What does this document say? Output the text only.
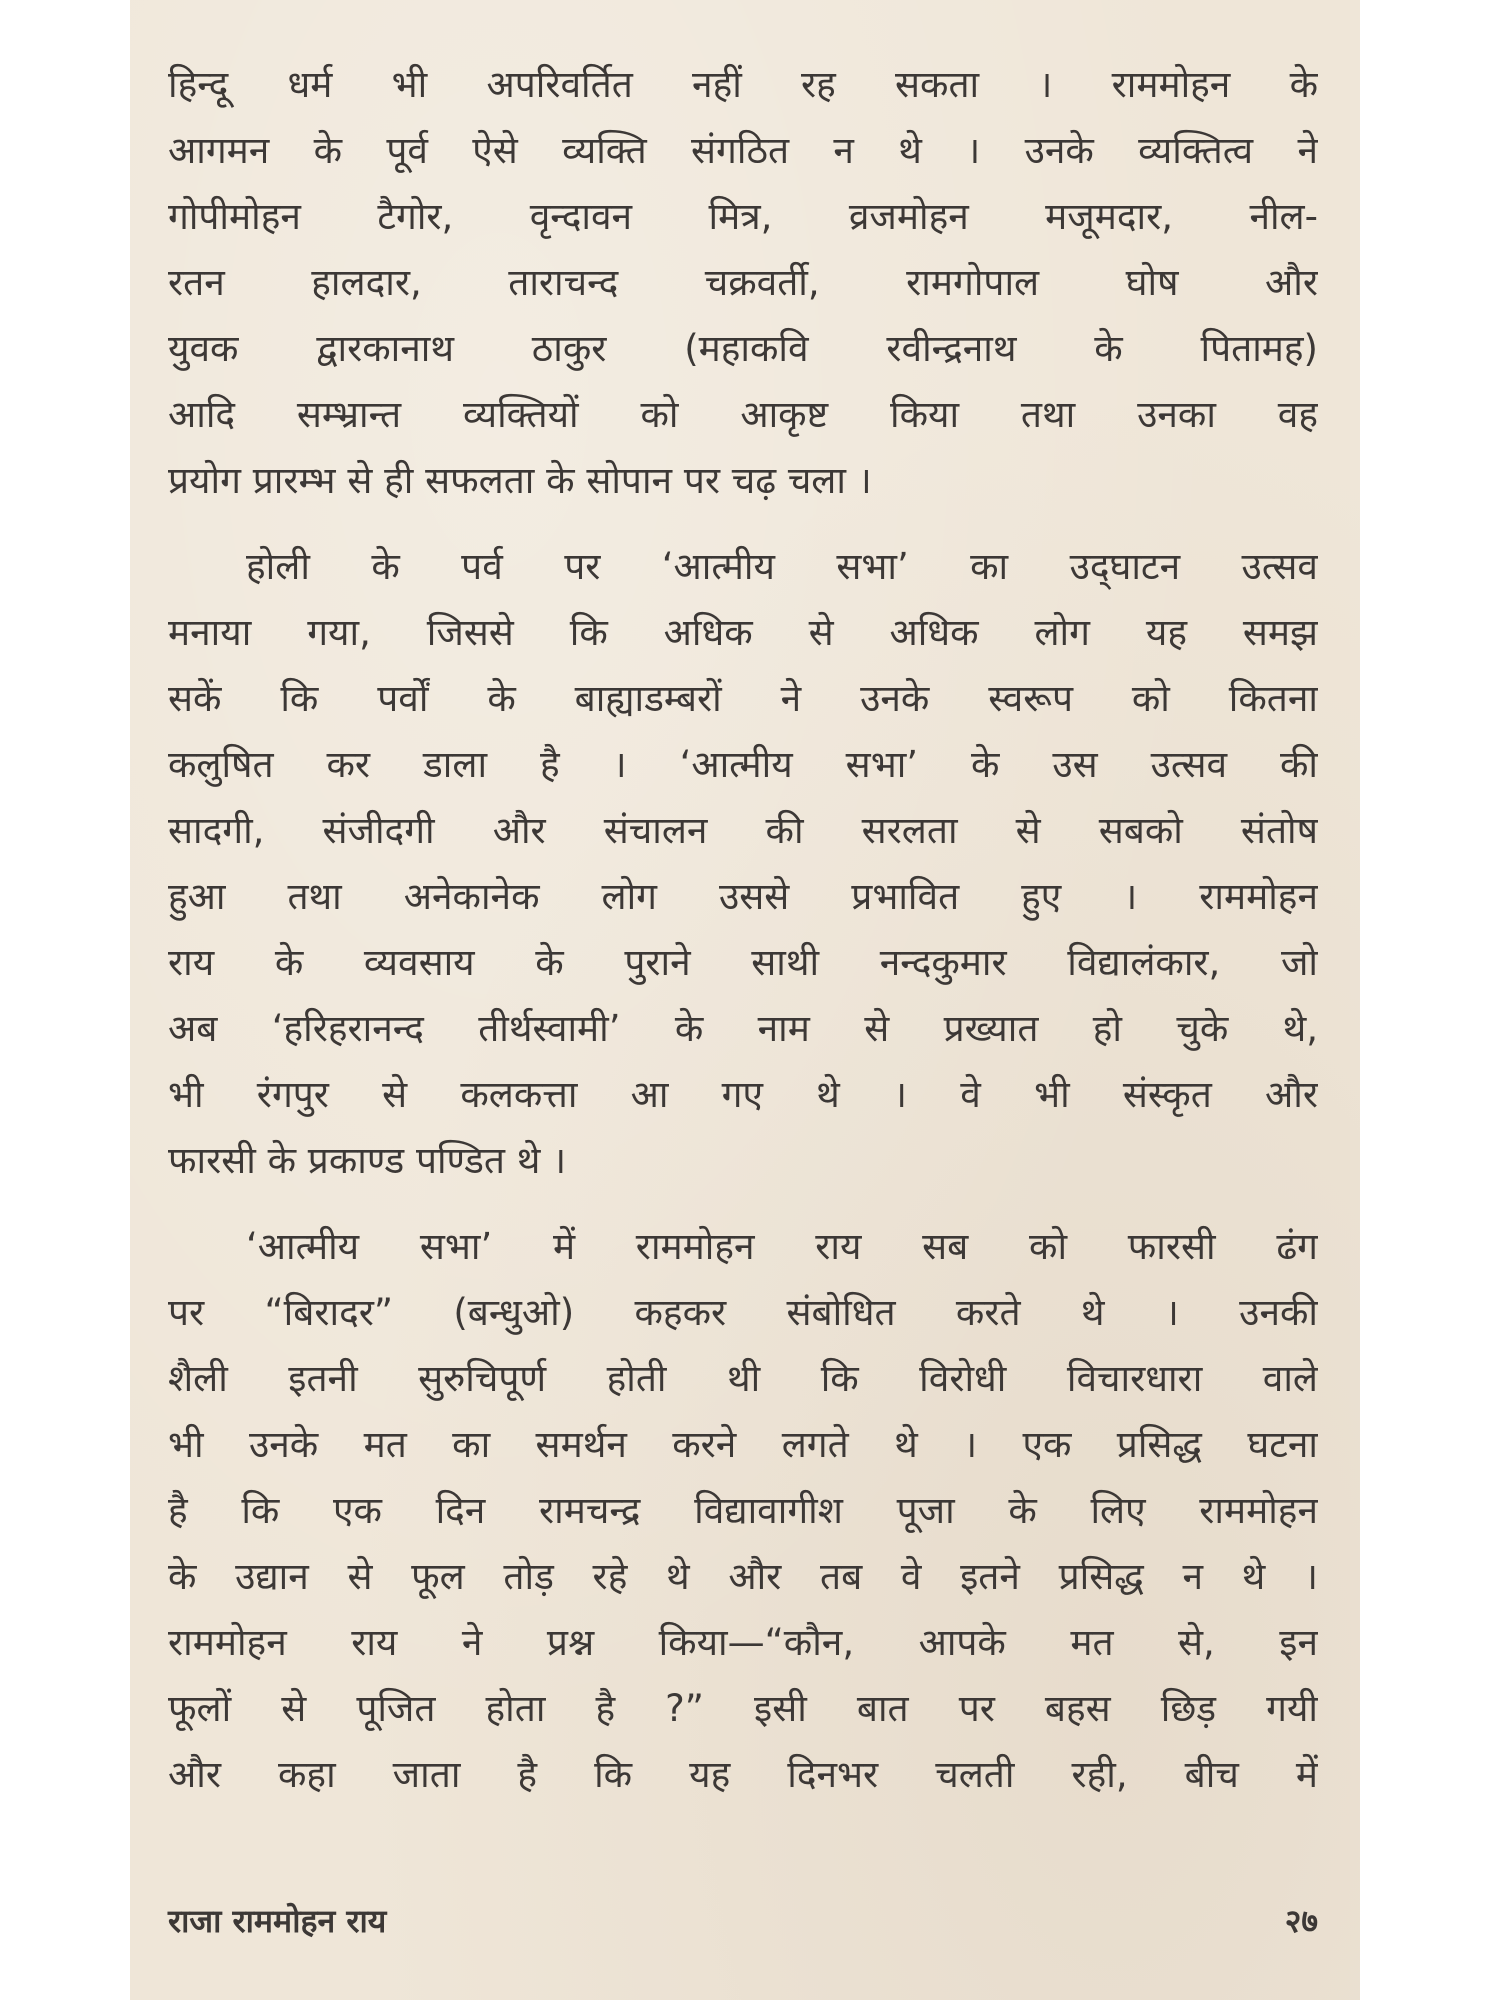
हिन्दू धर्म भी अपरिवर्तित नहीं रह सकता । राममोहन के
आगमन के पूर्व ऐसे व्यक्ति संगठित न थे । उनके व्यक्तित्व ने
गोपीमोहन टैगोर, वृन्दावन मित्र, व्रजमोहन मजूमदार, नील-
रतन हालदार, ताराचन्द चक्रवर्ती, रामगोपाल घोष और
युवक द्वारकानाथ ठाकुर (महाकवि रवीन्द्रनाथ के पितामह)
आदि सम्भ्रान्त व्यक्तियों को आकृष्ट किया तथा उनका वह
प्रयोग प्रारम्भ से ही सफलता के सोपान पर चढ़ चला ।
होली के पर्व पर ‘आत्मीय सभा’ का उद्‌घाटन उत्सव
मनाया गया, जिससे कि अधिक से अधिक लोग यह समझ
सकें कि पर्वों के बाह्याडम्बरों ने उनके स्वरूप को कितना
कलुषित कर डाला है । ‘आत्मीय सभा’ के उस उत्सव की
सादगी, संजीदगी और संचालन की सरलता से सबको संतोष
हुआ तथा अनेकानेक लोग उससे प्रभावित हुए । राममोहन
राय के व्यवसाय के पुराने साथी नन्दकुमार विद्यालंकार, जो
अब ‘हरिहरानन्द तीर्थस्वामी’ के नाम से प्रख्यात हो चुके थे,
भी रंगपुर से कलकत्ता आ गए थे । वे भी संस्कृत और
फारसी के प्रकाण्ड पण्डित थे ।
‘आत्मीय सभा’ में राममोहन राय सब को फारसी ढंग
पर “बिरादर” (बन्धुओ) कहकर संबोधित करते थे । उनकी
शैली इतनी सुरुचिपूर्ण होती थी कि विरोधी विचारधारा वाले
भी उनके मत का समर्थन करने लगते थे । एक प्रसिद्ध घटना
है कि एक दिन रामचन्द्र विद्यावागीश पूजा के लिए राममोहन
के उद्यान से फूल तोड़ रहे थे और तब वे इतने प्रसिद्ध न थे ।
राममोहन राय ने प्रश्न किया—“कौन, आपके मत से, इन
फूलों से पूजित होता है ?” इसी बात पर बहस छिड़ गयी
और कहा जाता है कि यह दिनभर चलती रही, बीच में
राजा राममोहन राय	२७
